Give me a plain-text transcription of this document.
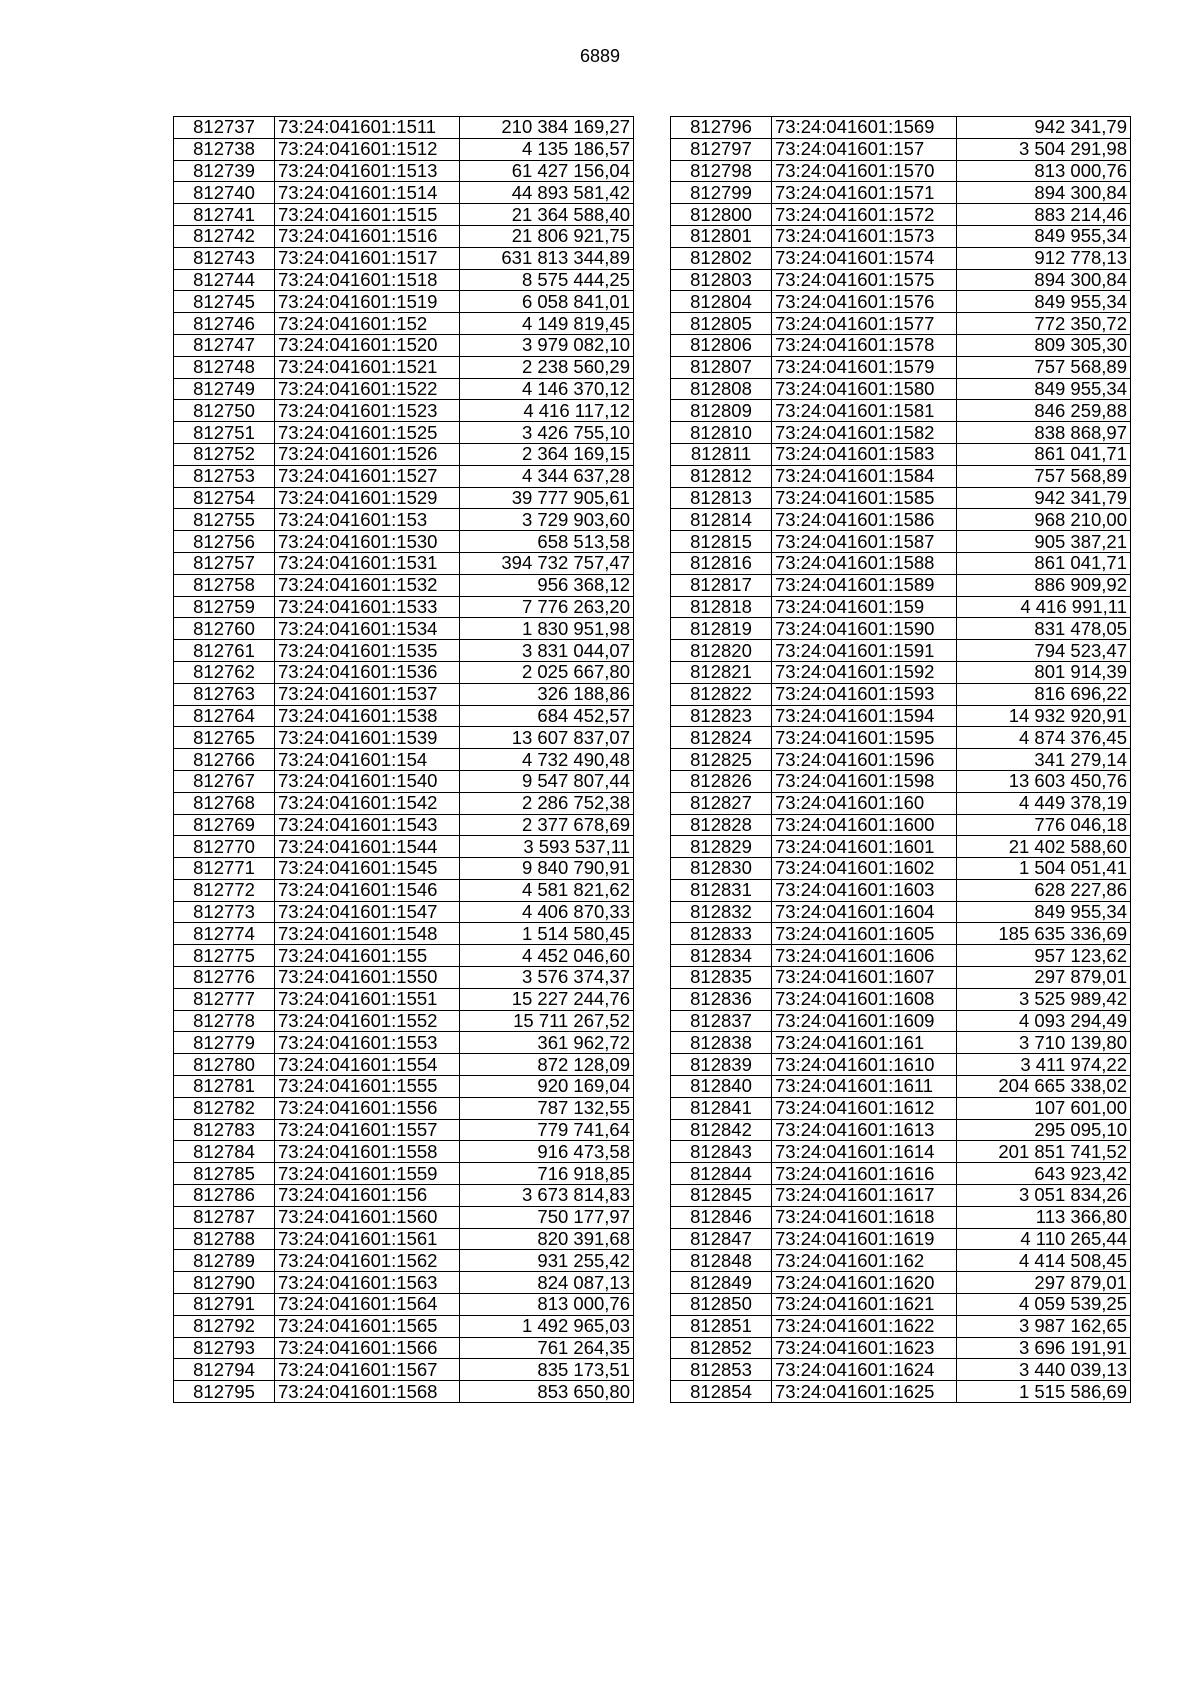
6889
812737	73:24:041601:1511	210 384 169,27
812738	73:24:041601:1512	4 135 186,57
812739	73:24:041601:1513	61 427 156,04
812740	73:24:041601:1514	44 893 581,42
812741	73:24:041601:1515	21 364 588,40
812742	73:24:041601:1516	21 806 921,75
812743	73:24:041601:1517	631 813 344,89
812744	73:24:041601:1518	8 575 444,25
812745	73:24:041601:1519	6 058 841,01
812746	73:24:041601:152	4 149 819,45
812747	73:24:041601:1520	3 979 082,10
812748	73:24:041601:1521	2 238 560,29
812749	73:24:041601:1522	4 146 370,12
812750	73:24:041601:1523	4 416 117,12
812751	73:24:041601:1525	3 426 755,10
812752	73:24:041601:1526	2 364 169,15
812753	73:24:041601:1527	4 344 637,28
812754	73:24:041601:1529	39 777 905,61
812755	73:24:041601:153	3 729 903,60
812756	73:24:041601:1530	658 513,58
812757	73:24:041601:1531	394 732 757,47
812758	73:24:041601:1532	956 368,12
812759	73:24:041601:1533	7 776 263,20
812760	73:24:041601:1534	1 830 951,98
812761	73:24:041601:1535	3 831 044,07
812762	73:24:041601:1536	2 025 667,80
812763	73:24:041601:1537	326 188,86
812764	73:24:041601:1538	684 452,57
812765	73:24:041601:1539	13 607 837,07
812766	73:24:041601:154	4 732 490,48
812767	73:24:041601:1540	9 547 807,44
812768	73:24:041601:1542	2 286 752,38
812769	73:24:041601:1543	2 377 678,69
812770	73:24:041601:1544	3 593 537,11
812771	73:24:041601:1545	9 840 790,91
812772	73:24:041601:1546	4 581 821,62
812773	73:24:041601:1547	4 406 870,33
812774	73:24:041601:1548	1 514 580,45
812775	73:24:041601:155	4 452 046,60
812776	73:24:041601:1550	3 576 374,37
812777	73:24:041601:1551	15 227 244,76
812778	73:24:041601:1552	15 711 267,52
812779	73:24:041601:1553	361 962,72
812780	73:24:041601:1554	872 128,09
812781	73:24:041601:1555	920 169,04
812782	73:24:041601:1556	787 132,55
812783	73:24:041601:1557	779 741,64
812784	73:24:041601:1558	916 473,58
812785	73:24:041601:1559	716 918,85
812786	73:24:041601:156	3 673 814,83
812787	73:24:041601:1560	750 177,97
812788	73:24:041601:1561	820 391,68
812789	73:24:041601:1562	931 255,42
812790	73:24:041601:1563	824 087,13
812791	73:24:041601:1564	813 000,76
812792	73:24:041601:1565	1 492 965,03
812793	73:24:041601:1566	761 264,35
812794	73:24:041601:1567	835 173,51
812795	73:24:041601:1568	853 650,80
812796	73:24:041601:1569	942 341,79
812797	73:24:041601:157	3 504 291,98
812798	73:24:041601:1570	813 000,76
812799	73:24:041601:1571	894 300,84
812800	73:24:041601:1572	883 214,46
812801	73:24:041601:1573	849 955,34
812802	73:24:041601:1574	912 778,13
812803	73:24:041601:1575	894 300,84
812804	73:24:041601:1576	849 955,34
812805	73:24:041601:1577	772 350,72
812806	73:24:041601:1578	809 305,30
812807	73:24:041601:1579	757 568,89
812808	73:24:041601:1580	849 955,34
812809	73:24:041601:1581	846 259,88
812810	73:24:041601:1582	838 868,97
812811	73:24:041601:1583	861 041,71
812812	73:24:041601:1584	757 568,89
812813	73:24:041601:1585	942 341,79
812814	73:24:041601:1586	968 210,00
812815	73:24:041601:1587	905 387,21
812816	73:24:041601:1588	861 041,71
812817	73:24:041601:1589	886 909,92
812818	73:24:041601:159	4 416 991,11
812819	73:24:041601:1590	831 478,05
812820	73:24:041601:1591	794 523,47
812821	73:24:041601:1592	801 914,39
812822	73:24:041601:1593	816 696,22
812823	73:24:041601:1594	14 932 920,91
812824	73:24:041601:1595	4 874 376,45
812825	73:24:041601:1596	341 279,14
812826	73:24:041601:1598	13 603 450,76
812827	73:24:041601:160	4 449 378,19
812828	73:24:041601:1600	776 046,18
812829	73:24:041601:1601	21 402 588,60
812830	73:24:041601:1602	1 504 051,41
812831	73:24:041601:1603	628 227,86
812832	73:24:041601:1604	849 955,34
812833	73:24:041601:1605	185 635 336,69
812834	73:24:041601:1606	957 123,62
812835	73:24:041601:1607	297 879,01
812836	73:24:041601:1608	3 525 989,42
812837	73:24:041601:1609	4 093 294,49
812838	73:24:041601:161	3 710 139,80
812839	73:24:041601:1610	3 411 974,22
812840	73:24:041601:1611	204 665 338,02
812841	73:24:041601:1612	107 601,00
812842	73:24:041601:1613	295 095,10
812843	73:24:041601:1614	201 851 741,52
812844	73:24:041601:1616	643 923,42
812845	73:24:041601:1617	3 051 834,26
812846	73:24:041601:1618	113 366,80
812847	73:24:041601:1619	4 110 265,44
812848	73:24:041601:162	4 414 508,45
812849	73:24:041601:1620	297 879,01
812850	73:24:041601:1621	4 059 539,25
812851	73:24:041601:1622	3 987 162,65
812852	73:24:041601:1623	3 696 191,91
812853	73:24:041601:1624	3 440 039,13
812854	73:24:041601:1625	1 515 586,69
